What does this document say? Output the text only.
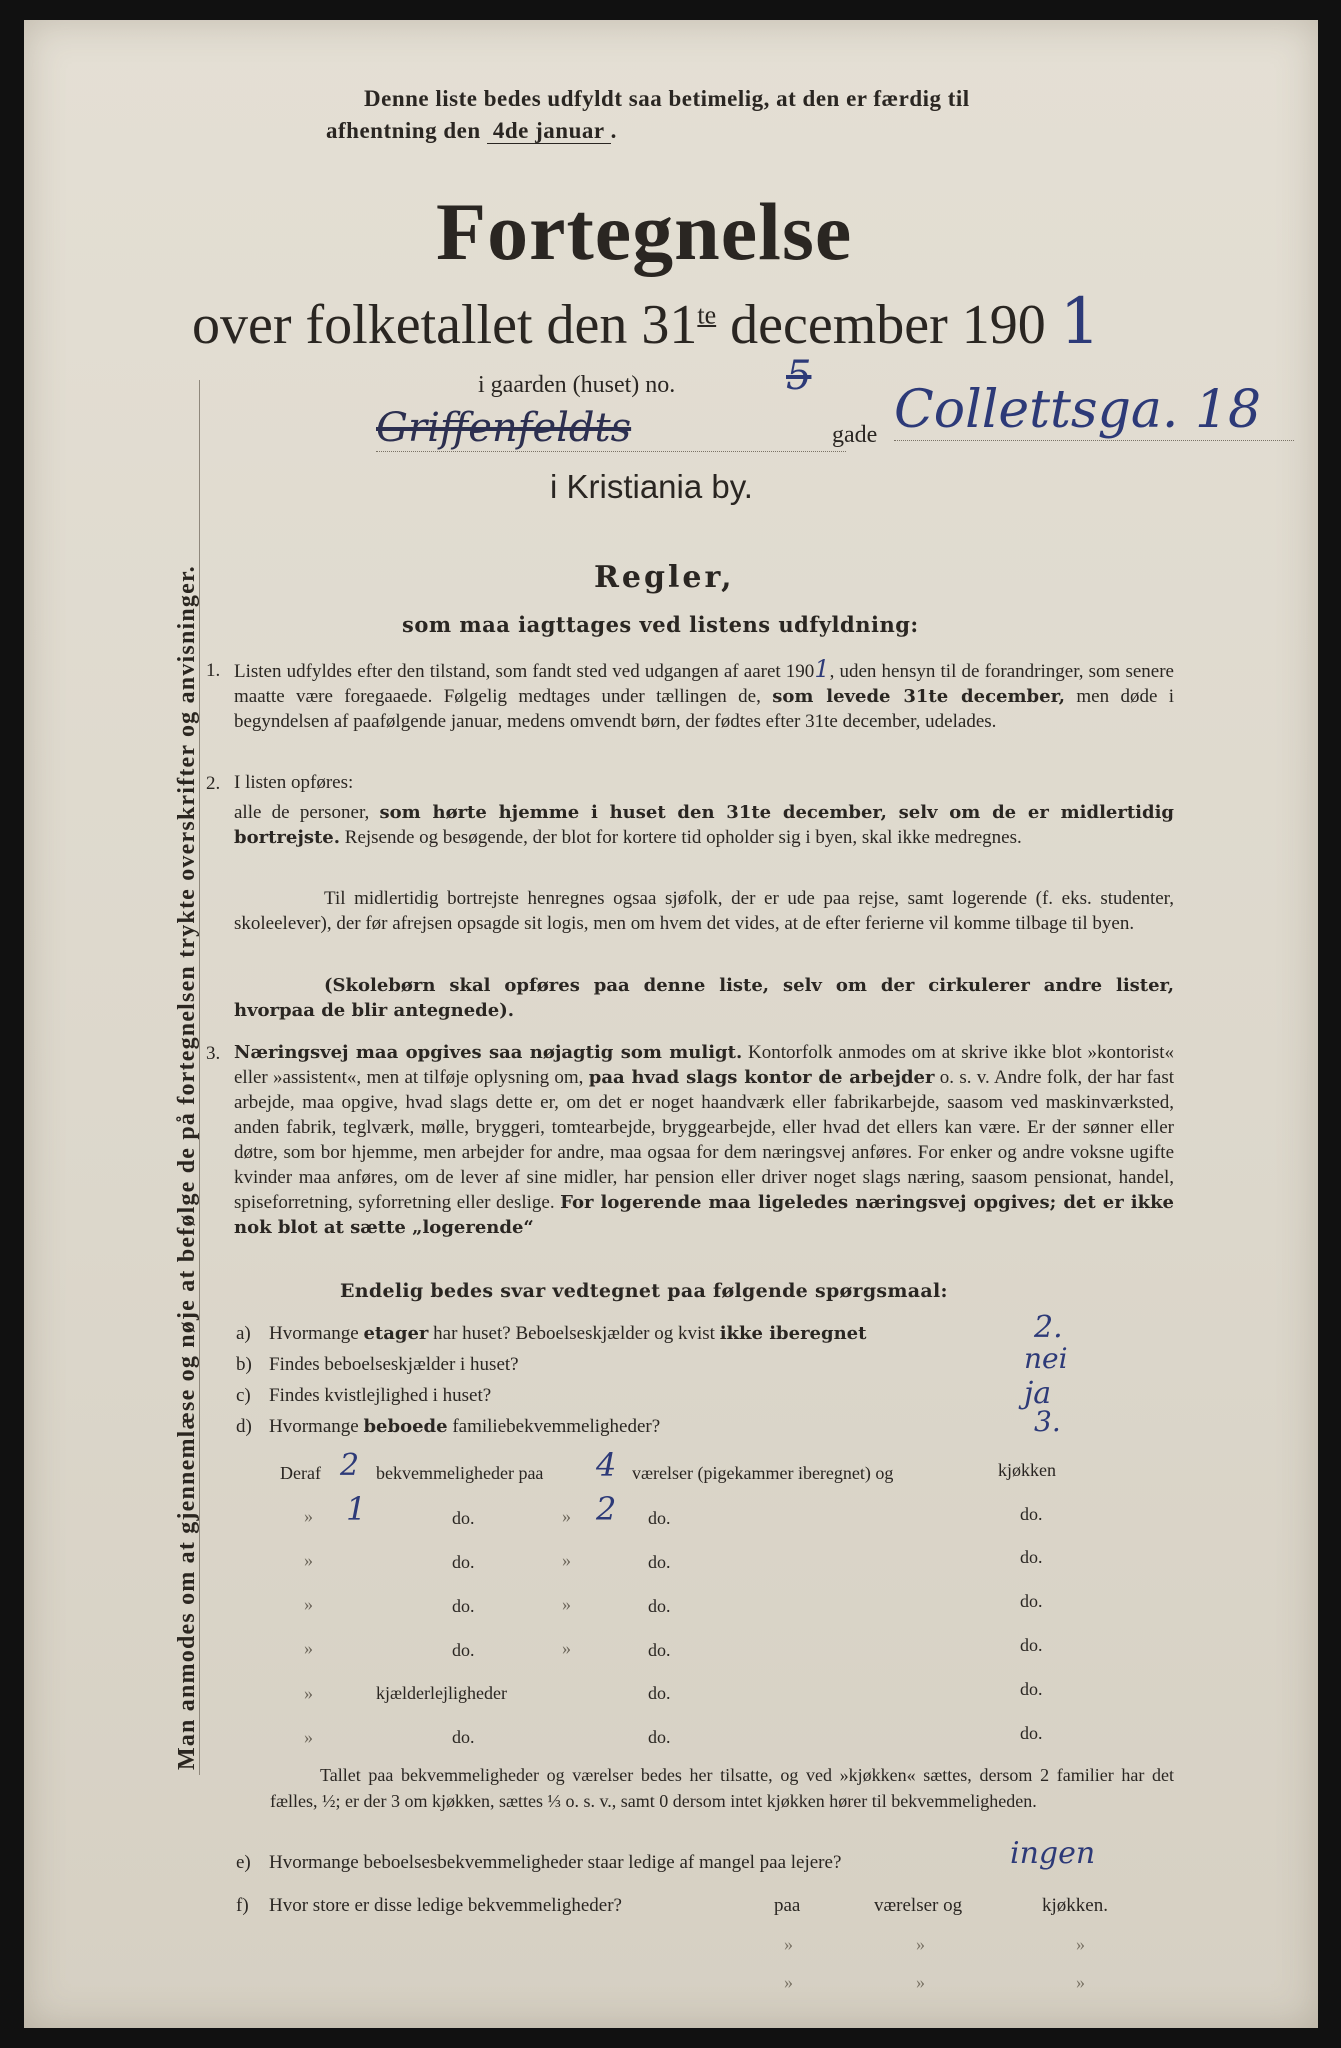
Man anmodes om at gjennemlæse og nøje at befølge de på fortegnelsen trykte overskrifter og anvisninger.
Denne liste bedes udfyldt saa betimelig, at den er færdig til
afhentning den 4de januar .
Fortegnelse
over folketallet den $31^{te}$ december 190 1
i gaarden (huset) no.	5
Griffenfeldts	gade Collettsga. 18
i Kristiania by.
Regler,
som maa iagttages ved listens udfyldning:
1. Listen udfyldes efter den tilstand, som fandt sted ved udgangen af aaret 1901, uden hensyn til de forandringer, som senere maatte være foregaaede. Følgelig medtages under tællingen de, som levede 31te december, men døde i begyndelsen af paafølgende januar, medens omvendt børn, der fødtes efter 31te december, udelades.
2. I listen opføres:
alle de personer, som hørte hjemme i huset den 31te december, selv om de er midlertidig bortrejste. Rejsende og besøgende, der blot for kortere tid opholder sig i byen, skal ikke medregnes.
Til midlertidig bortrejste henregnes ogsaa sjøfolk, der er ude paa rejse, samt logerende (f. eks. studenter, skoleelever), der før afrejsen opsagde sit logis, men om hvem det vides, at de efter ferierne vil komme tilbage til byen.
(Skolebørn skal opføres paa denne liste, selv om der cirkulerer andre lister, hvorpaa de blir antegnede).
3. Næringsvej maa opgives saa nøjagtig som muligt. Kontorfolk anmodes om at skrive ikke blot »kontorist« eller »assistent«, men at tilføje oplysning om, paa hvad slags kontor de arbejder o. s. v. Andre folk, der har fast arbejde, maa opgive, hvad slags dette er, om det er noget haandværk eller fabrikarbejde, saasom ved maskinværksted, anden fabrik, teglværk, mølle, bryggeri, tomtearbejde, bryggearbejde, eller hvad det ellers kan være. Er der sønner eller døtre, som bor hjemme, men arbejder for andre, maa ogsaa for dem næringsvej anføres. For enker og andre voksne ugifte kvinder maa anføres, om de lever af sine midler, har pension eller driver noget slags næring, saasom pensionat, handel, spiseforretning, syforretning eller deslige. For logerende maa ligeledes næringsvej opgives; det er ikke nok blot at sætte „logerende“
Endelig bedes svar vedtegnet paa følgende spørgsmaal:
a) Hvormange etager har huset? Beboelseskjælder og kvist ikke iberegnet	2.
b) Findes beboelseskjælder i huset?	nei
c) Findes kvistlejlighed i huset?	ja
d) Hvormange beboede familiebekvemmeligheder?	3.
Deraf 2 bekvemmeligheder paa 4 værelser (pigekammer iberegnet) og	kjøkken
» 1	do.	» 2 do.	do.
»	do.	»	do.	do.
»	do.	»	do.	do.
»	do.	»	do.	do.
»	kjælderlejligheder	do.	do.
»	do.	do.	do.
Tallet paa bekvemmeligheder og værelser bedes her tilsatte, og ved »kjøkken« sættes, dersom 2 familier har det fælles, ½; er der 3 om kjøkken, sættes ⅓ o. s. v., samt 0 dersom intet kjøkken hører til bekvemmeligheden.
e) Hvormange beboelsesbekvemmeligheder staar ledige af mangel paa lejere?	ingen
f) Hvor store er disse ledige bekvemmeligheder?	paa	værelser og	kjøkken.
»	»	»
»	»	»
